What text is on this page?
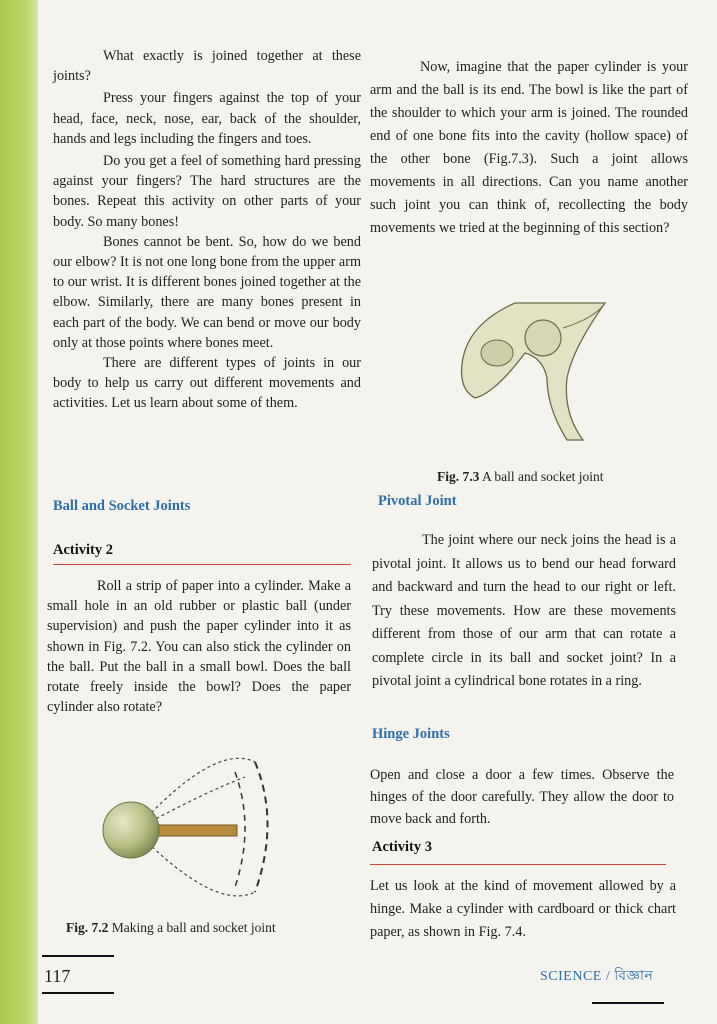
What exactly is joined together at these joints?

Press your fingers against the top of your head, face, neck, nose, ear, back of the shoulder, hands and legs including the fingers and toes.

Do you get a feel of something hard pressing against your fingers? The hard structures are the bones. Repeat this activity on other parts of your body. So many bones!

Bones cannot be bent. So, how do we bend our elbow? It is not one long bone from the upper arm to our wrist. It is different bones joined together at the elbow. Similarly, there are many bones present in each part of the body. We can bend or move our body only at those points where bones meet.

There are different types of joints in our body to help us carry out different movements and activities. Let us learn about some of them.

Ball and Socket Joints
Activity 2

Roll a strip of paper into a cylinder. Make a small hole in an old rubber or plastic ball (under supervision) and push the paper cylinder into it as shown in Fig. 7.2. You can also stick the cylinder on the ball. Put the ball in a small bowl. Does the ball rotate freely inside the bowl? Does the paper cylinder also rotate?

Fig. 7.2 Making a ball and socket joint

Now, imagine that the paper cylinder is your arm and the ball is its end. The bowl is like the part of the shoulder to which your arm is joined. The rounded end of one bone fits into the cavity (hollow space) of the other bone (Fig.7.3). Such a joint allows movements in all directions. Can you name another such joint you can think of, recollecting the body movements we tried at the beginning of this section?

Fig. 7.3 A ball and socket joint
Pivotal Joint

The joint where our neck joins the head is a pivotal joint. It allows us to bend our head forward and backward and turn the head to our right or left. Try these movements. How are these movements different from those of our arm that can rotate a complete circle in its ball and socket joint? In a pivotal joint a cylindrical bone rotates in a ring.

Hinge Joints

Open and close a door a few times. Observe the hinges of the door carefully. They allow the door to move back and forth.

Activity 3

Let us look at the kind of movement allowed by a hinge. Make a cylinder with cardboard or thick chart paper, as shown in Fig. 7.4.

117	SCIENCE / বিজ্ঞান
